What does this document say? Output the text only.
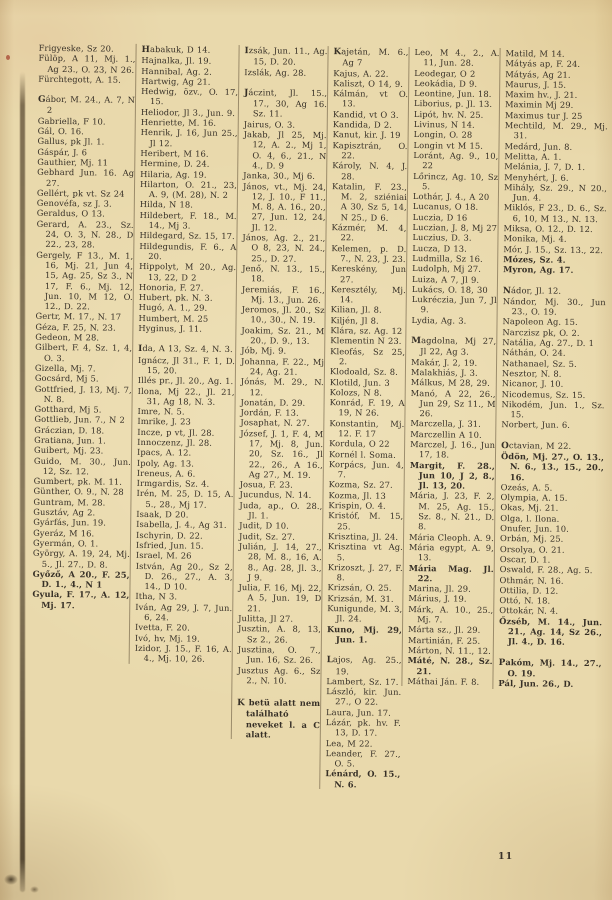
Frigyeske, Sz 20.
Fülöp, A 11, Mj. 1., Ag 23., O. 23, N 26.
Fürchtegott, A. 15.
Gábor, M. 24., A. 7, N 2
Gabriella, F 10.
Gál, O. 16.
Gallus, pk Jl. 1.
Gáspár, J. 6
Gauthier, Mj. 11
Gebhard Jun. 16. Ag 27.
Gellért, pk vt. Sz 24
Genovéfa, sz J. 3.
Geraldus, O 13.
Gerard, A. 23., Sz. 24, O. 3, N. 28., D 22., 23, 28.
Gergely, F 13., M. 1, 16, Mj. 21, Jun 4, 15, Ag. 25, Sz 3., N 17, F. 6., Mj. 12, Jun. 10, M 12, O. 12., D. 22.
Gertr, M. 17., N. 17
Géza, F. 25, N. 23.
Gedeon, M 28.
Gilbert, F. 4, Sz. 1, 4, O. 3.
Gizella, Mj. 7.
Gocsárd, Mj 5.
Gottfried, J. 13, Mj. 7, N. 8.
Gotthard, Mj 5.
Gottlieb, Jun. 7., N 2
Gráczian, D. 18.
Gratiana, Jun. 1.
Guibert, Mj. 23.
Guido, M. 30., Jun. 12, Sz. 12.
Gumbert, pk. M. 11.
Günther, O. 9., N. 28
Guntram, M. 28.
Gusztáv, Ag 2.
Gyárfás, Jun. 19.
Gyeráz, M 16.
Gyermán, O. 1.
György, A. 19, 24, Mj. 5., Jl. 27., D. 8.
Győző, A 20., F. 25, D. 1., 4., N 1
Gyula, F. 17., A. 12, Mj. 17.
Habakuk, D 14.
Hajnalka, Jl. 19.
Hannibal, Ag. 2.
Hartwig, Ag 21.
Hedwig, özv., O. 17, 15.
Heliodor, Jl 3., Jun. 9.
Henriette, M. 16.
Henrik, J. 16, Jun 25., Jl 12.
Heribert, M 16.
Hermine, D. 24.
Hilaria, Ag. 19.
Hilarton, O. 21., 23, A. 9, (M. 28), N. 2
Hilda, N 18.
Hildebert, F. 18., M. 14., Mj 3.
Hildegard, Sz. 15, 17.
Hildegundis, F. 6., A 20.
Hippolyt, M 20., Ag. 13, 22, D 2
Honoria, F. 27.
Hubert, pk. N. 3.
Hugó, A. 1., 29.
Humbert, M. 25
Hyginus, J. 11.
Ida, A 13, Sz. 4, N. 3.
Ignácz, Jl 31., F. 1, D. 15, 20.
Illés pr., Jl. 20., Ag. 1.
Ilona, Mj 22., Jl. 21, 31, Ag 18, N. 3.
Imre, N. 5.
Imrike, J. 23
Incze, p vt, Jl. 28.
Innoczenz, Jl. 28.
Ipacs, A. 12.
Ipoly, Ag. 13.
Ireneus, A. 6.
Irmgardis, Sz. 4.
Irén, M. 25, D. 15, A. 5., 28., Mj 17.
Isaak, D 20.
Isabella, J. 4., Ag 31.
Ischyrin, D. 22.
Isfried, Jun. 15.
Israel, M. 26
István, Ag 20., Sz 2, D. 26., 27., A. 3, 14., D 10.
Itha, N 3.
Iván, Ag 29, J. 7, Jun. 6, 24.
Ivetta, F. 20.
Ivó, hv, Mj. 19.
Izidor, J. 15., F. 16, A. 4., Mj. 10, 26.
Izsák, Jun. 11., Ag. 15, D. 20.
Izslák, Ag. 28.
Jáczint, Jl. 15., 17., 30, Ag 16. Sz. 11.
Jairus, O. 3.
Jakab, Jl 25, Mj. 12, A. 2., Mj 1, O. 4, 6., 21., N 4., D. 9
Janka, 30., Mj 6.
János, vt., Mj. 24, 12, J. 10., F 11., M. 8, A. 16., 20., 27, Jun. 12, 24, Jl. 12.
János, Ag. 2., 21., O 8, 23, N. 24., 25., D. 27.
Jenő, N. 13., 15., 18.
Jeremiás, F. 16., Mj. 13., Jun. 26.
Jeromos, Jl. 20., Sz 10., 30., N. 19.
Joakim, Sz. 21., M 20., D. 9., 13.
Jób, Mj. 9.
Johanna, F. 22., Mj 24, Ag. 21.
Jónás, M. 29., N. 12.
Jonatán, D. 29.
Jordán, F. 13.
Josaphat, N. 27.
József, J. 1, F. 4, M 17, Mj. 8, Jun. 20, Sz. 16., Jl 22., 26., A 16., Ag 27., M. 19.
Josua, F. 23.
Jucundus, N. 14.
Juda, ap., O. 28., Jl. 1.
Judit, D 10.
Judit, Sz. 27.
Julián, J. 14, 27., 28, M. 8., 16, A. 8., Ag. 28, Jl. 3., J 9.
Julia, F. 16, Mj. 22, A 5, Jun. 19, D 21.
Julitta, Jl 27.
Jusztin, A. 8, 13, Sz 2., 26.
Jusztina, O. 7., Jun. 16, Sz. 26.
Jusztus Ag. 6., Sz 2., N. 10.
K betü alatt nem található neveket l. a C alatt.
Kajetán, M. 6., Ag 7
Kajus, A. 22.
Kaliszt, O 14, 9.
Kálmán, vt O. 13.
Kandid, vt O 3.
Kandida, D 2.
Kanut, kir. J. 19
Kapisztrán, O. 22.
Károly, N. 4, J. 28.
Katalin, F. 23., M. 2, sziéniai A 30, Sz 5, 14, N 25., D 6.
Kázmér, M. 4, 22.
Kelemen, p. D. 7., N. 23, J. 23.
Kereskény, Jun 27.
Keresztély, Mj. 14.
Kilian, Jl. 8.
Kiljén, Jl 8.
Klára, sz. Ag. 12
Klementin N 23.
Kleofás, Sz 25, 2.
Klodoald, Sz. 8.
Klotild, Jun. 3
Kolozs, N 8.
Konrád, F. 19, A 19, N 26.
Konstantin, Mj. 12. F. 17
Kordula, O 22
Kornél l. Soma.
Korpács, Jun. 4, 7.
Kozma, Sz. 27.
Kozma, Jl. 13
Krispin, O. 4.
Kristóf, M. 15, 25.
Krisztina, Jl. 24.
Krisztina vt Ag. 5.
Krizoszt, J. 27, F. 8.
Krizsán, O. 25.
Krizsán, M. 31.
Kunigunde, M. 3, Jl. 24.
Kuno, Mj. 29, Jun. 1.
Lajos, Ag. 25., 19.
Lambert, Sz. 17.
László, kir. Jun. 27., O 22.
Laura, Jun. 17.
Lázár, pk. hv. F. 13, D. 17.
Lea, M 22.
Leander, F. 27., O. 5.
Lénárd, O. 15., N. 6.
Leo, M 4., 2., A. 11, Jun. 28.
Leodegar, O 2
Leokádia, D 9.
Leontine, Jun. 18.
Liborius, p. Jl. 13.
Lipót, hv. N. 25.
Livinus, N 14.
Longin, O. 28
Longin vt M 15.
Loránt, Ag. 9., 10, 22
Lőrincz, Ag. 10, Sz 5.
Lothár, J. 4., A 20
Lucanus, O 18.
Luczia, D 16
Luczian, J. 8, Mj 27
Luczius, D. 3.
Lucza, D 13.
Ludmilla, Sz 16.
Ludolph, Mj 27.
Luiza, A 7, Jl 9.
Lukács, O. 18, 30
Lukréczia, Jun 7, Jl 9.
Lydia, Ag. 3.
Magdolna, Mj 27, Jl 22, Ag 3.
Makár, J. 2, 19.
Malakhiás, J. 3.
Málkus, M 28, 29.
Manó, A 22, 26., Jun 29, Sz 11., M 26.
Marczella, J. 31.
Marczellin A 10.
Marczel, J. 16., Jun 17, 18.
Margit, F. 28., Jun 10, J 2, 8., Jl. 13, 20.
Mária, J. 23, F. 2, M. 25, Ag. 15., Sz. 8., N. 21., D. 8.
Mária Cleoph. A. 9.
Mária egypt, A. 9, 13.
Mária Mag. Jl. 22.
Marina, Jl. 29.
Márius, J. 19.
Márk, A. 10., 25., Mj. 7.
Márta sz., Jl. 29.
Martinián, F. 25.
Márton, N. 11., 12.
Máté, N. 28., Sz. 21.
Máthai Ján. F. 8.
Matild, M 14.
Mátyás ap, F. 24.
Mátyás, Ag 21.
Maurus, J. 15.
Maxim hv., J. 21.
Maximin Mj 29.
Maximus tur J. 25
Mechtild, M. 29., Mj. 31.
Medárd, Jun. 8.
Melitta, A. 1.
Melánia, J. 7, D. 1.
Menyhért, J. 6.
Mihály, Sz. 29., N 20., Jun. 4.
Miklós, F 23., D. 6., Sz. 6, 10, M 13., N. 13.
Miksa, O. 12., D. 12.
Monika, Mj. 4.
Mór, J. 15., Sz. 13., 22.
Mózes, Sz. 4.
Myron, Ag. 17.
Nádor, Jl. 12.
Nándor, Mj. 30., Jun 23., O. 19.
Napoleon Ag. 15.
Narczisz pk, O. 2.
Natália, Ag. 27., D. 1
Náthán, O. 24.
Nathanael, Sz. 5.
Nesztor, N. 8.
Nicanor, J. 10.
Nicodemus, Sz. 15.
Nikodém, Jun. 1., Sz. 15.
Norbert, Jun. 6.
Octavian, M 22.
Ödön, Mj. 27., O. 13., N. 6., 13., 15., 20., 16.
Ozeás, A. 5.
Olympia, A. 15.
Okas, Mj. 21.
Olga, l. Ilona.
Onufer, Jun. 10.
Orbán, Mj. 25.
Orsolya, O. 21.
Oscar, D. 1.
Oswald, F. 28., Ag. 5.
Othmár, N. 16.
Ottilia, D. 12.
Ottó, N. 18.
Ottokár, N. 4.
Őzséb, M. 14., Jun. 21., Ag. 14, Sz 26., Jl. 4., D. 16.
Pakóm, Mj. 14., 27., O. 19.
Pál, Jun. 26., D.
11
